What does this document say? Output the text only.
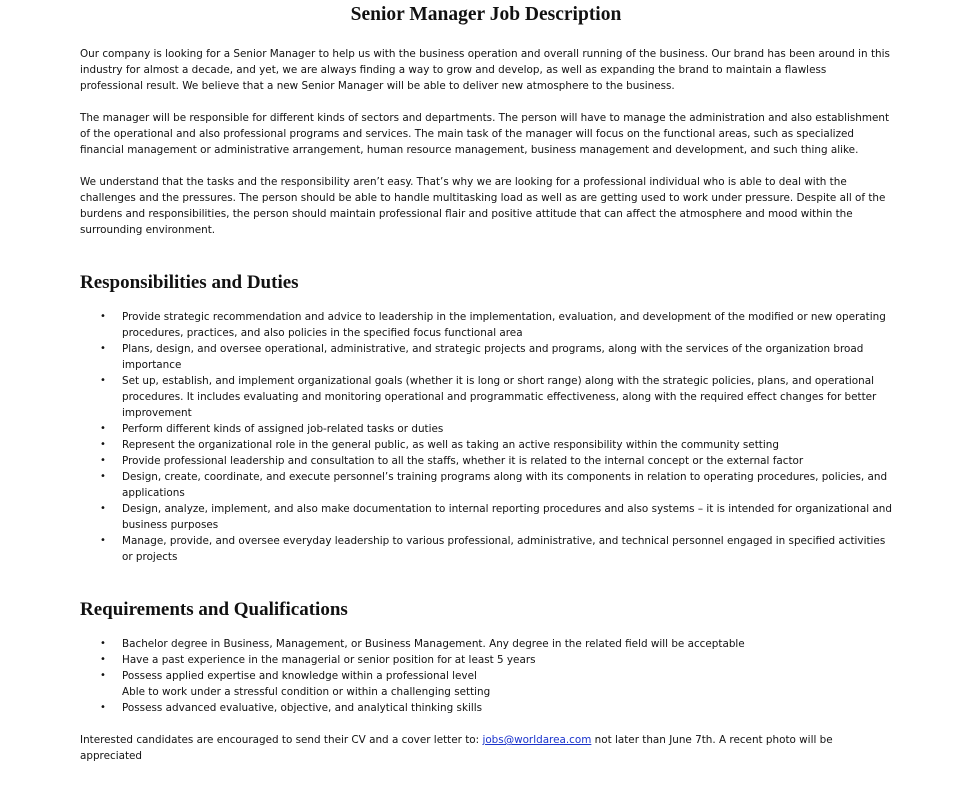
Senior Manager Job Description

Our company is looking for a Senior Manager to help us with the business operation and overall running of the business. Our brand has been around in this industry for almost a decade, and yet, we are always finding a way to grow and develop, as well as expanding the brand to maintain a flawless professional result. We believe that a new Senior Manager will be able to deliver new atmosphere to the business.

The manager will be responsible for different kinds of sectors and departments. The person will have to manage the administration and also establishment of the operational and also professional programs and services. The main task of the manager will focus on the functional areas, such as specialized financial management or administrative arrangement, human resource management, business management and development, and such thing alike.

We understand that the tasks and the responsibility aren’t easy. That’s why we are looking for a professional individual who is able to deal with the challenges and the pressures. The person should be able to handle multitasking load as well as are getting used to work under pressure. Despite all of the burdens and responsibilities, the person should maintain professional flair and positive attitude that can affect the atmosphere and mood within the surrounding environment.

Responsibilities and Duties
• Provide strategic recommendation and advice to leadership in the implementation, evaluation, and development of the modified or new operating procedures, practices, and also policies in the specified focus functional area
• Plans, design, and oversee operational, administrative, and strategic projects and programs, along with the services of the organization broad importance
• Set up, establish, and implement organizational goals (whether it is long or short range) along with the strategic policies, plans, and operational procedures. It includes evaluating and monitoring operational and programmatic effectiveness, along with the required effect changes for better improvement
• Perform different kinds of assigned job-related tasks or duties
• Represent the organizational role in the general public, as well as taking an active responsibility within the community setting
• Provide professional leadership and consultation to all the staffs, whether it is related to the internal concept or the external factor
• Design, create, coordinate, and execute personnel’s training programs along with its components in relation to operating procedures, policies, and applications
• Design, analyze, implement, and also make documentation to internal reporting procedures and also systems – it is intended for organizational and business purposes
• Manage, provide, and oversee everyday leadership to various professional, administrative, and technical personnel engaged in specified activities or projects
Requirements and Qualifications
• Bachelor degree in Business, Management, or Business Management. Any degree in the related field will be acceptable
• Have a past experience in the managerial or senior position for at least 5 years
• Possess applied expertise and knowledge within a professional level
Able to work under a stressful condition or within a challenging setting
• Possess advanced evaluative, objective, and analytical thinking skills

Interested candidates are encouraged to send their CV and a cover letter to: jobs@worldarea.com not later than June 7th. A recent photo will be appreciated
